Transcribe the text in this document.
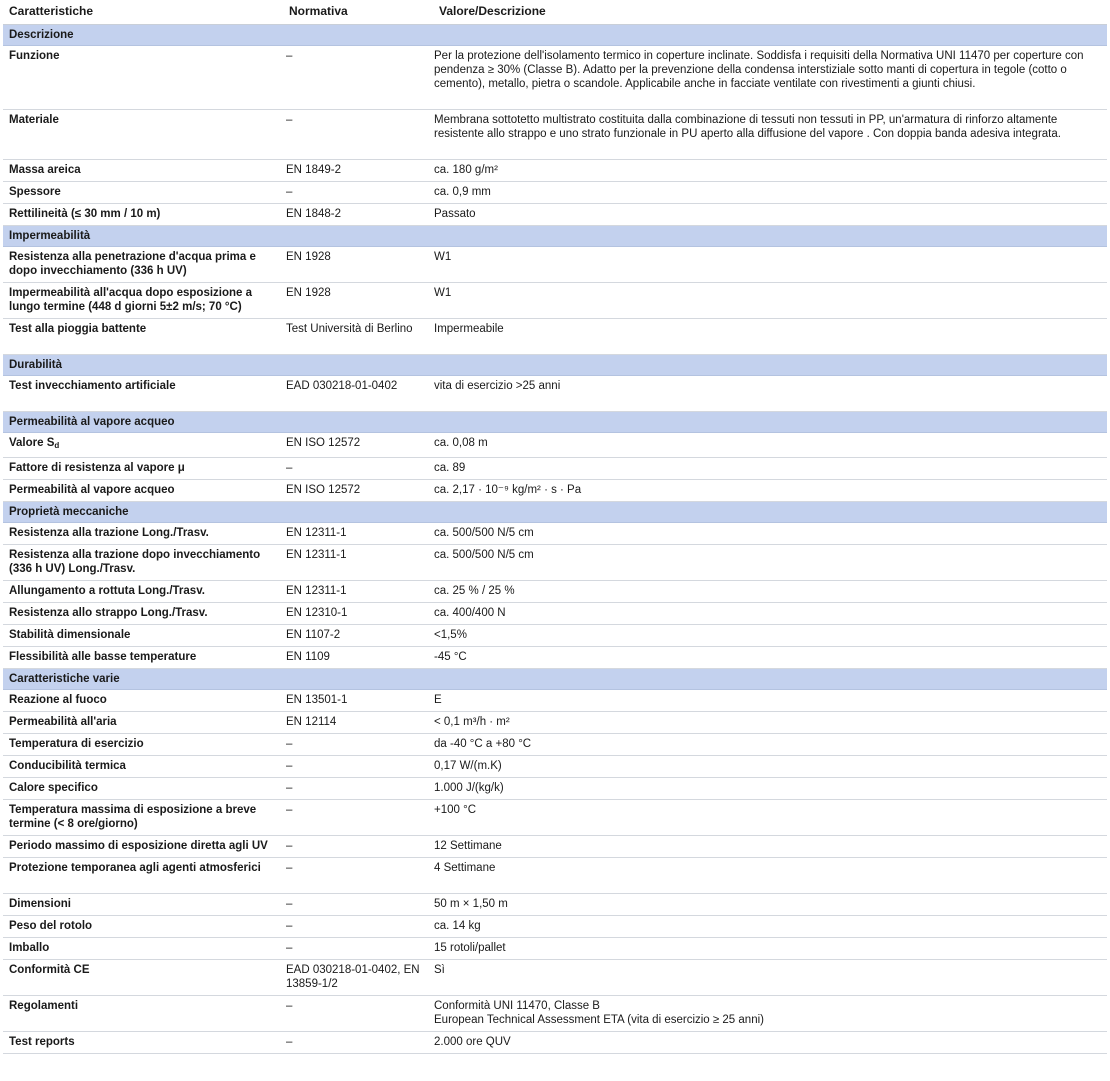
Caratteristiche	Normativa	Valore/Descrizione
Descrizione		
Funzione	–	Per la protezione dell'isolamento termico in coperture inclinate. Soddisfa i requisiti della Normativa UNI 11470 per coperture con pendenza ≥ 30% (Classe B). Adatto per la prevenzione della condensa interstiziale sotto manti di copertura in tegole (cotto o cemento), metallo, pietra o scandole. Applicabile anche in facciate ventilate con rivestimenti a giunti chiusi.
Materiale	–	Membrana sottotetto multistrato costituita dalla combinazione di tessuti non tessuti in PP, un'armatura di rinforzo altamente resistente allo strappo e uno strato funzionale in PU aperto alla diffusione del vapore . Con doppia banda adesiva integrata.
Massa areica	EN 1849-2	ca. 180 g/m²
Spessore	–	ca. 0,9 mm
Rettilineità (≤ 30 mm / 10 m)	EN 1848-2	Passato
Impermeabilità		
Resistenza alla penetrazione d'acqua prima e dopo invecchiamento (336 h UV)	EN 1928	W1
Impermeabilità all'acqua dopo esposizione a lungo termine (448 d giorni 5±2 m/s; 70 °C)	EN 1928	W1
Test alla pioggia battente	Test Università di Berlino	Impermeabile
Durabilità		
Test invecchiamento artificiale	EAD 030218-01-0402	vita di esercizio >25 anni
Permeabilità al vapore acqueo		
Valore $S_d$	EN ISO 12572	ca. 0,08 m
Fattore di resistenza al vapore μ	–	ca. 89
Permeabilità al vapore acqueo	EN ISO 12572	ca. 2,17 · 10⁻⁹ kg/m² · s · Pa
Proprietà meccaniche		
Resistenza alla trazione Long./Trasv.	EN 12311-1	ca. 500/500 N/5 cm
Resistenza alla trazione dopo invecchiamento (336 h UV) Long./Trasv.	EN 12311-1	ca. 500/500 N/5 cm
Allungamento a rottuta Long./Trasv.	EN 12311-1	ca. 25 % / 25 %
Resistenza allo strappo Long./Trasv.	EN 12310-1	ca. 400/400 N
Stabilità dimensionale	EN 1107-2	<1,5%
Flessibilità alle basse temperature	EN 1109	-45 °C
Caratteristiche varie		
Reazione al fuoco	EN 13501-1	E
Permeabilità all'aria	EN 12114	< 0,1 m³/h · m²
Temperatura di esercizio	–	da -40 °C a +80 °C
Conducibilità termica	–	0,17 W/(m.K)
Calore specifico	–	1.000 J/(kg/k)
Temperatura massima di esposizione a breve termine (< 8 ore/giorno)	–	+100 °C
Periodo massimo di esposizione diretta agli UV	–	12 Settimane
Protezione temporanea agli agenti atmosferici	–	4 Settimane
Dimensioni	–	50 m × 1,50 m
Peso del rotolo	–	ca. 14 kg
Imballo	–	15 rotoli/pallet
Conformità CE	EAD 030218-01-0402, EN 13859-1/2	Sì
Regolamenti	–	Conformità UNI 11470, Classe B
European Technical Assessment ETA (vita di esercizio ≥ 25 anni)

Test reports	–	2.000 ore QUV
